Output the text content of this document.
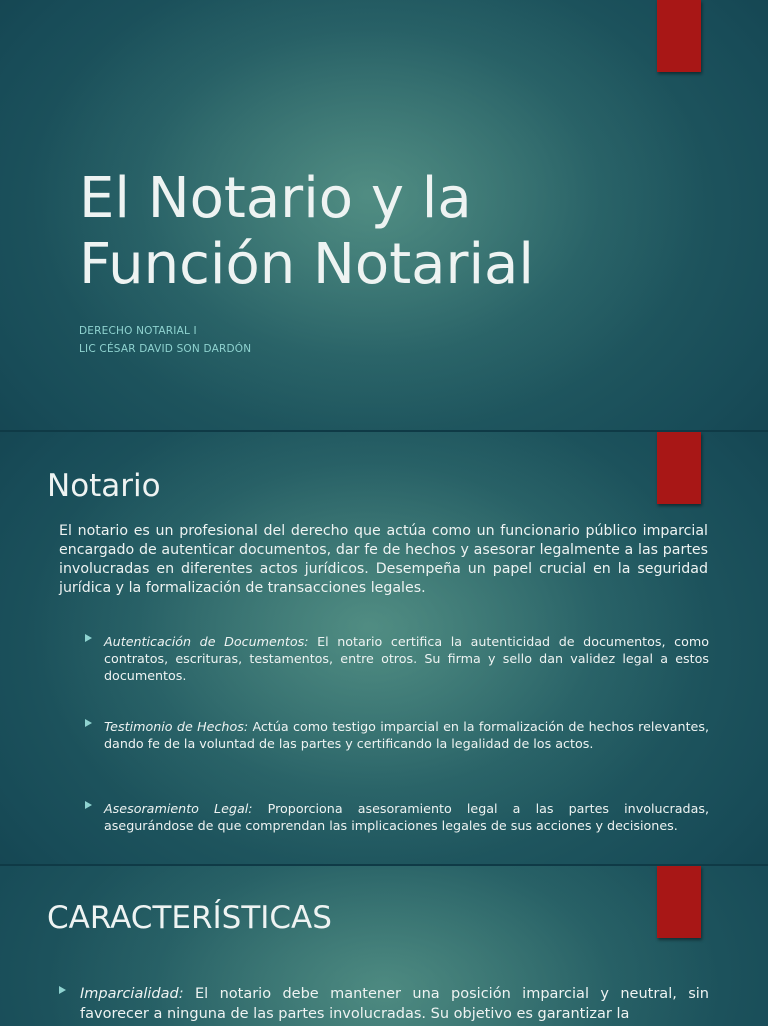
El Notario y la
Función Notarial
DERECHO NOTARIAL I
LIC CÉSAR DAVID SON DARDÓN
Notario

El notario es un profesional del derecho que actúa como un funcionario público imparcial encargado de autenticar documentos, dar fe de hechos y asesorar legalmente a las partes involucradas en diferentes actos jurídicos. Desempeña un papel crucial en la seguridad jurídica y la formalización de transacciones legales.

Autenticación de Documentos: El notario certifica la autenticidad de documentos, como contratos, escrituras, testamentos, entre otros. Su firma y sello dan validez legal a estos documentos.
Testimonio de Hechos: Actúa como testigo imparcial en la formalización de hechos relevantes, dando fe de la voluntad de las partes y certificando la legalidad de los actos.
Asesoramiento Legal: Proporciona asesoramiento legal a las partes involucradas, asegurándose de que comprendan las implicaciones legales de sus acciones y decisiones.
CARACTERÍSTICAS
Imparcialidad: El notario debe mantener una posición imparcial y neutral, sin favorecer a ninguna de las partes involucradas. Su objetivo es garantizar la
